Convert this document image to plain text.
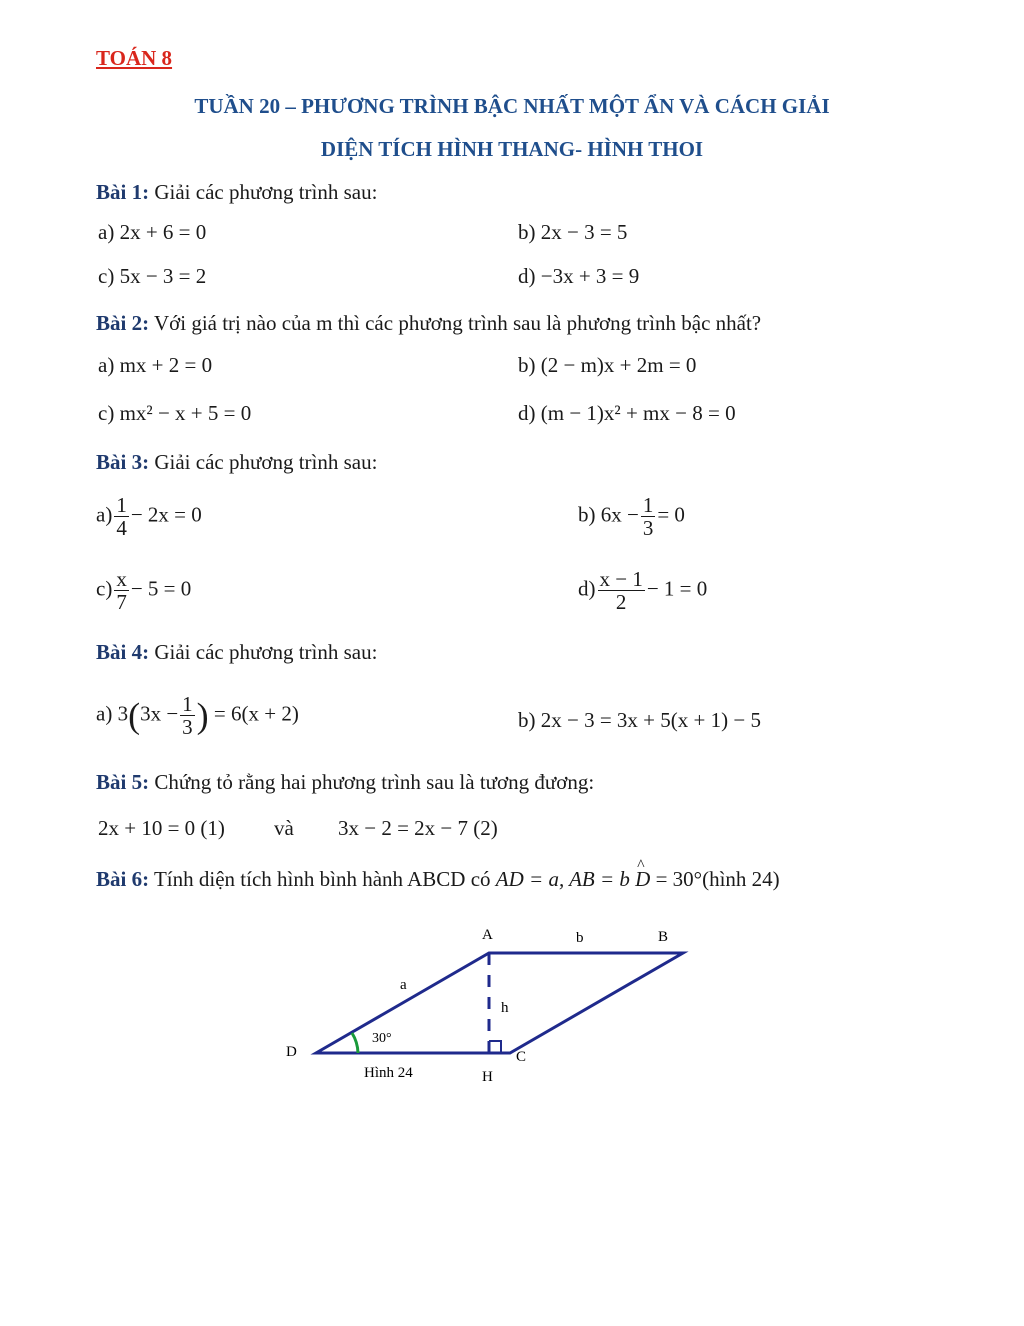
TOÁN 8
TUẦN 20 – PHƯƠNG TRÌNH BẬC NHẤT MỘT ẨN VÀ CÁCH GIẢI
DIỆN TÍCH HÌNH THANG- HÌNH THOI
Bài 1: Giải các phương trình sau:
a) 2x + 6 = 0	b) 2x − 3 = 5
c) 5x − 3 = 2	d) −3x + 3 = 9
Bài 2: Với giá trị nào của m thì các phương trình sau là phương trình bậc nhất?
a) mx + 2 = 0	b) (2 − m)x + 2m = 0
c) mx² − x + 5 = 0	d) (m − 1)x² + mx − 8 = 0
Bài 3: Giải các phương trình sau:
$a) \frac{1}{4} - 2x = 0$	b) $6x - \frac{1}{3} = 0$
$c) \frac{x}{7} - 5 = 0$	$d) \frac{x - 1}{2} - 1 = 0$
Bài 4: Giải các phương trình sau:
a) $3(3x - \frac{1}{3}$ ) = 6(x + 2)	b) 2x − 3 = 3x + 5(x + 1) − 5
Bài 5: Chứng tỏ rằng hai phương trình sau là tương đương:
2x + 10 = 0 (1) và 3x − 2 = 2x − 7 (2)
Bài 6: Tính diện tích hình bình hành ABCD có AD = a, AB = b ^ D = 30°(hình 24)
A	B
C
D
H
a
b
h
30°
Hình 24
